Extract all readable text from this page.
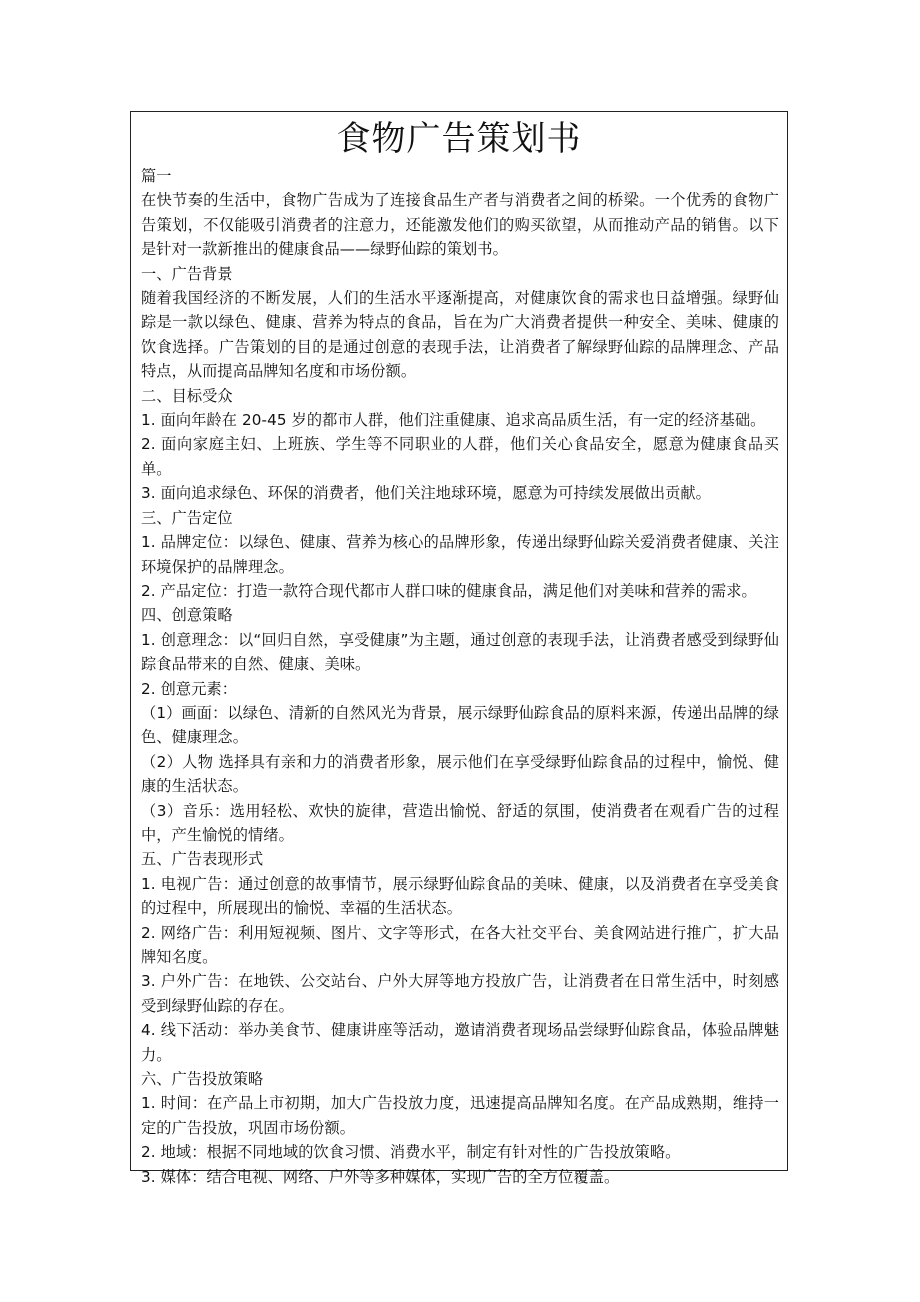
食物广告策划书

篇一

在快节奏的生活中，食物广告成为了连接食品生产者与消费者之间的桥梁。一个优秀的食物广告策划，不仅能吸引消费者的注意力，还能激发他们的购买欲望，从而推动产品的销售。以下是针对一款新推出的健康食品——绿野仙踪的策划书。

一、广告背景

随着我国经济的不断发展，人们的生活水平逐渐提高，对健康饮食的需求也日益增强。绿野仙踪是一款以绿色、健康、营养为特点的食品，旨在为广大消费者提供一种安全、美味、健康的饮食选择。广告策划的目的是通过创意的表现手法，让消费者了解绿野仙踪的品牌理念、产品特点，从而提高品牌知名度和市场份额。

二、目标受众

1. 面向年龄在 20-45 岁的都市人群，他们注重健康、追求高品质生活，有一定的经济基础。

2. 面向家庭主妇、上班族、学生等不同职业的人群，他们关心食品安全，愿意为健康食品买单。

3. 面向追求绿色、环保的消费者，他们关注地球环境，愿意为可持续发展做出贡献。

三、广告定位

1. 品牌定位：以绿色、健康、营养为核心的品牌形象，传递出绿野仙踪关爱消费者健康、关注环境保护的品牌理念。

2. 产品定位：打造一款符合现代都市人群口味的健康食品，满足他们对美味和营养的需求。

四、创意策略

1. 创意理念：以“回归自然，享受健康”为主题，通过创意的表现手法，让消费者感受到绿野仙踪食品带来的自然、健康、美味。

2. 创意元素：

（1）画面：以绿色、清新的自然风光为背景，展示绿野仙踪食品的原料来源，传递出品牌的绿色、健康理念。

（2）人物 选择具有亲和力的消费者形象，展示他们在享受绿野仙踪食品的过程中，愉悦、健康的生活状态。

（3）音乐：选用轻松、欢快的旋律，营造出愉悦、舒适的氛围，使消费者在观看广告的过程中，产生愉悦的情绪。

五、广告表现形式

1. 电视广告：通过创意的故事情节，展示绿野仙踪食品的美味、健康，以及消费者在享受美食的过程中，所展现出的愉悦、幸福的生活状态。

2. 网络广告：利用短视频、图片、文字等形式，在各大社交平台、美食网站进行推广，扩大品牌知名度。

3. 户外广告：在地铁、公交站台、户外大屏等地方投放广告，让消费者在日常生活中，时刻感受到绿野仙踪的存在。

4. 线下活动：举办美食节、健康讲座等活动，邀请消费者现场品尝绿野仙踪食品，体验品牌魅力。

六、广告投放策略

1. 时间：在产品上市初期，加大广告投放力度，迅速提高品牌知名度。在产品成熟期，维持一定的广告投放，巩固市场份额。

2. 地域：根据不同地域的饮食习惯、消费水平，制定有针对性的广告投放策略。

3. 媒体：结合电视、网络、户外等多种媒体，实现广告的全方位覆盖。
